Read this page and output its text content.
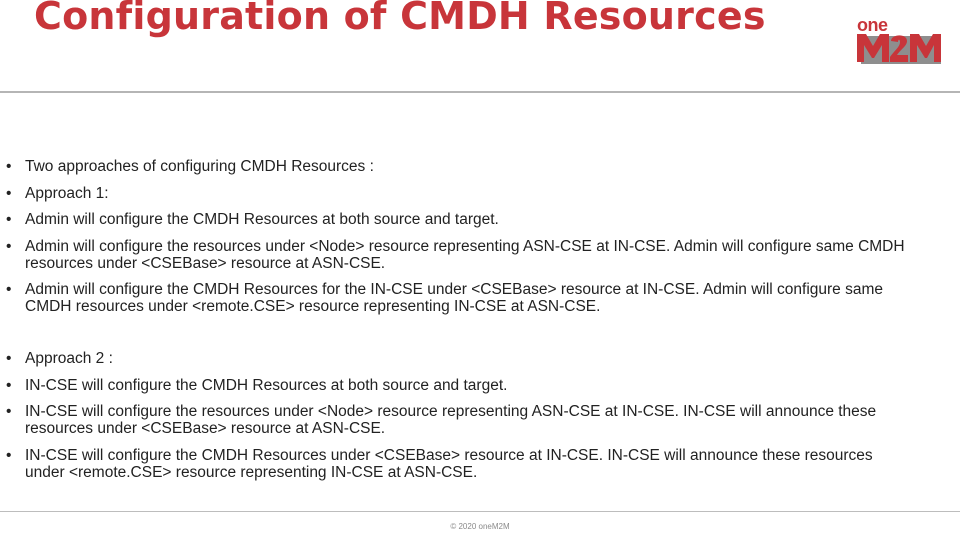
Configuration of CMDH Resources	one
M2M
• Two approaches of configuring CMDH Resources :
• Approach 1:
• Admin will configure the CMDH Resources at both source and target.
• Admin will configure the resources under <Node> resource representing ASN-CSE at IN-CSE. Admin will configure same CMDH resources under <CSEBase> resource at ASN-CSE.
• Admin will configure the CMDH Resources for the IN-CSE under <CSEBase> resource at IN-CSE. Admin will configure same CMDH resources under <remote.CSE> resource representing IN-CSE at ASN-CSE.
• Approach 2 :
• IN-CSE will configure the CMDH Resources at both source and target.
• IN-CSE will configure the resources under <Node> resource representing ASN-CSE at IN-CSE. IN-CSE will announce these resources under <CSEBase> resource at ASN-CSE.
• IN-CSE will configure the CMDH Resources under <CSEBase> resource at IN-CSE. IN-CSE will announce these resources under <remote.CSE> resource representing IN-CSE at ASN-CSE.
© 2020 oneM2M
